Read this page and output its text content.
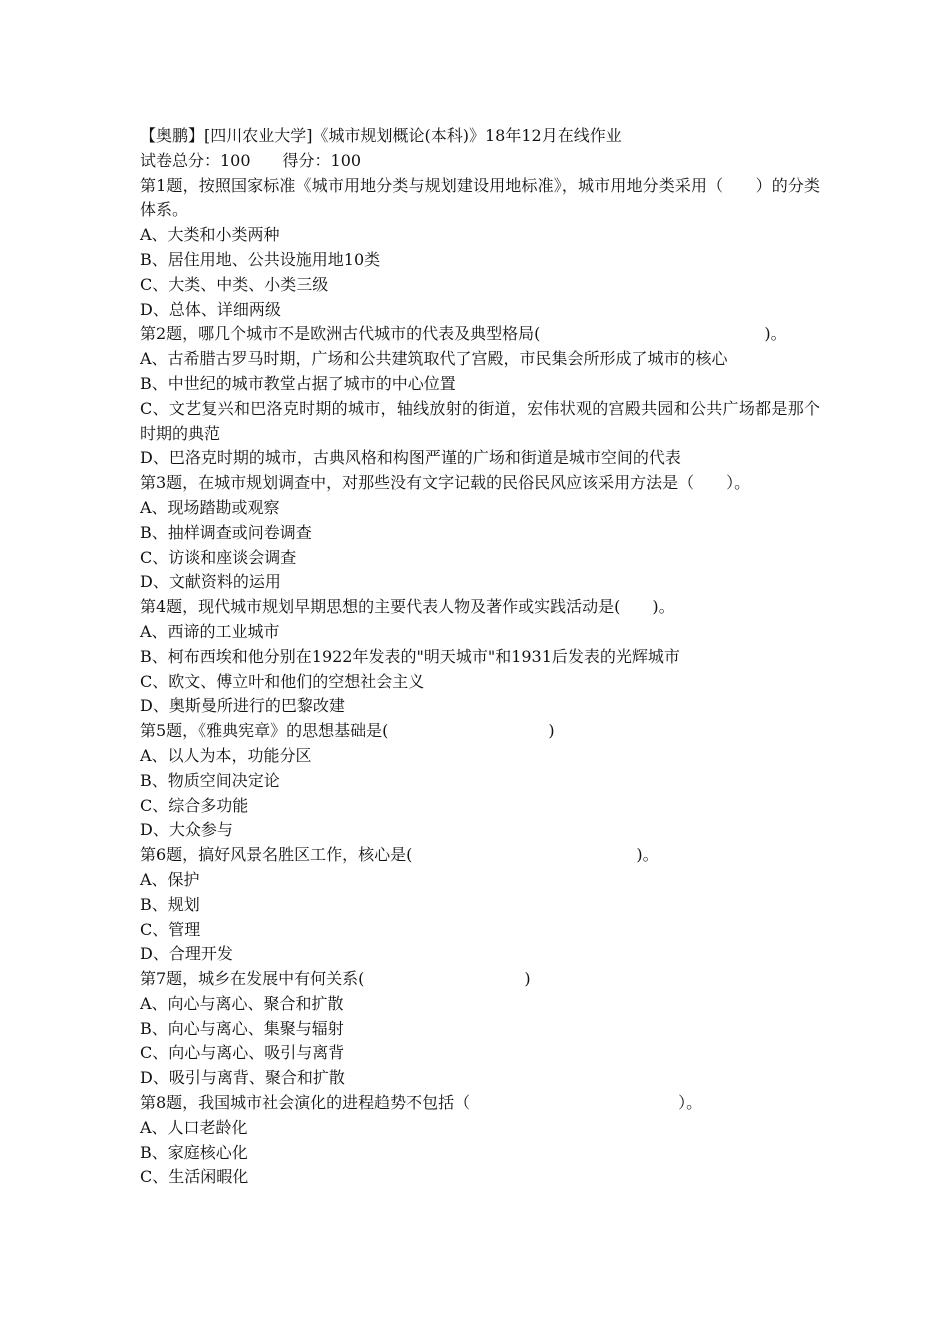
【奥鹏】[四川农业大学]《城市规划概论(本科)》18年12月在线作业

试卷总分：100　　得分：100

第1题，按照国家标准《城市用地分类与规划建设用地标准》，城市用地分类采用（　　）的分类体系。

A、大类和小类两种

B、居住用地、公共设施用地10类

C、大类、中类、小类三级

D、总体、详细两级

第2题，哪几个城市不是欧洲古代城市的代表及典型格局(　　　　　　　　　　　　　　)。

A、古希腊古罗马时期，广场和公共建筑取代了宫殿，市民集会所形成了城市的核心

B、中世纪的城市教堂占据了城市的中心位置

C、文艺复兴和巴洛克时期的城市，轴线放射的街道，宏伟状观的宫殿共园和公共广场都是那个时期的典范

D、巴洛克时期的城市，古典风格和构图严谨的广场和街道是城市空间的代表

第3题，在城市规划调查中，对那些没有文字记载的民俗民风应该采用方法是（　　）。

A、现场踏勘或观察

B、抽样调查或问卷调查

C、访谈和座谈会调查

D、文献资料的运用

第4题，现代城市规划早期思想的主要代表人物及著作或实践活动是(　　)。

A、西谛的工业城市

B、柯布西埃和他分别在1922年发表的"明天城市"和1931后发表的光辉城市

C、欧文、傅立叶和他们的空想社会主义

D、奥斯曼所进行的巴黎改建

第5题，《雅典宪章》的思想基础是(　　　　　　　　　　)

A、以人为本，功能分区

B、物质空间决定论

C、综合多功能

D、大众参与

第6题，搞好风景名胜区工作，核心是(　　　　　　　　　　　　　　)。

A、保护

B、规划

C、管理

D、合理开发

第7题，城乡在发展中有何关系(　　　　　　　　　　)

A、向心与离心、聚合和扩散

B、向心与离心、集聚与辐射

C、向心与离心、吸引与离背

D、吸引与离背、聚合和扩散

第8题，我国城市社会演化的进程趋势不包括（　　　　　　　　　　　　　）。

A、人口老龄化

B、家庭核心化

C、生活闲暇化
